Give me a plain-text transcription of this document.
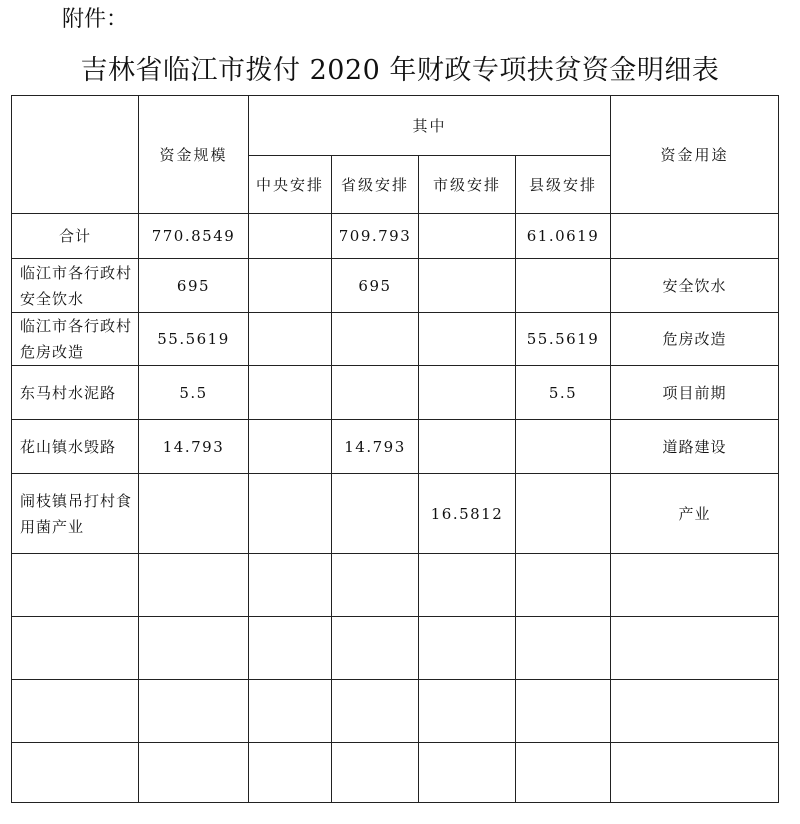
附件：
吉林省临江市拨付 2020 年财政专项扶贫资金明细表
	资金规模	其中				资金用途
		中央安排	省级安排	市级安排	县级安排	
合计	770.8549		709.793		61.0619	
临江市各行政村安全饮水	695		695			安全饮水
临江市各行政村危房改造	55.5619				55.5619	危房改造
东马村水泥路	5.5				5.5	项目前期
花山镇水毁路	14.793		14.793			道路建设
闹枝镇吊打村食用菌产业				16.5812		产业
